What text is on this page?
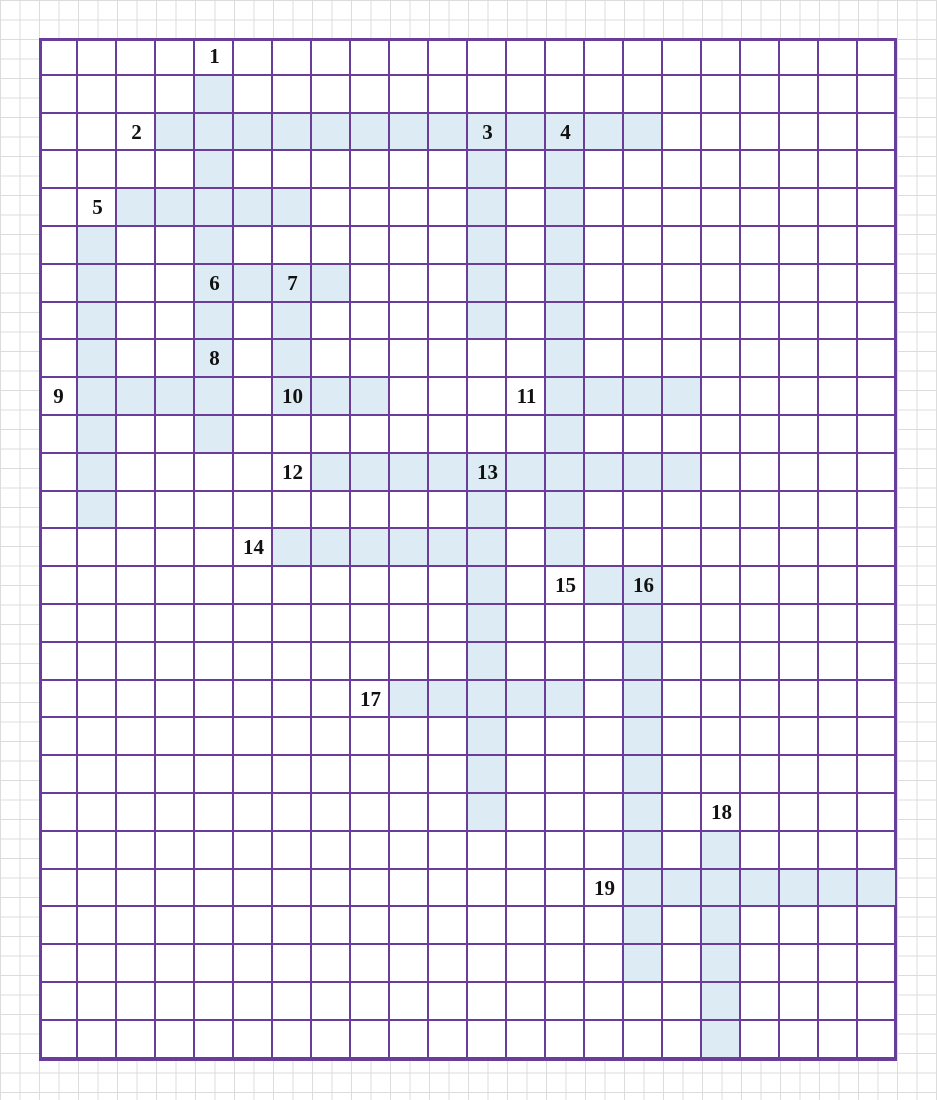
1
2	3	4
5
6	7
8
9	10	11
12	13
14
15	16
17
18
19
